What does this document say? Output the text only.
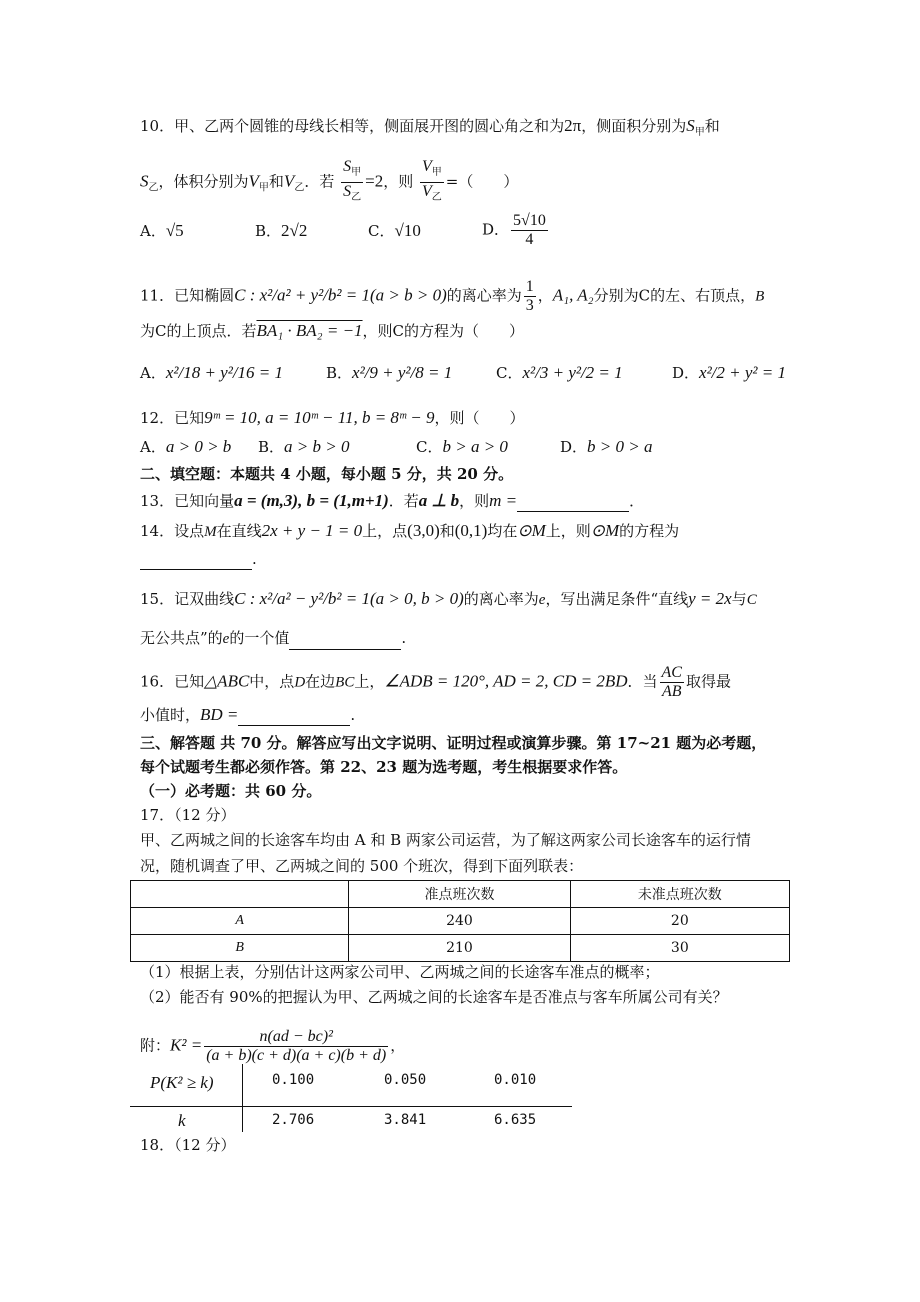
10．甲、乙两个圆锥的母线长相等，侧面展开图的圆心角之和为2π，侧面积分别为$S_甲$和
$S_乙$，体积分别为$V_甲$和$V_乙$．若 $\frac{S_甲}{S_乙} =2$，则 $\frac{V_甲}{V_乙}$ =（　　）
A．√5	B．2√2	C．√10	D． $\frac{5√10}{4}$
11．已知椭圆C : x²/a² + y²/b² = 1(a > b > 0)的离心率为 $\frac{1}{3}$ ，A₁, A₂分别为C的左、右顶点，B
为C的上顶点．若BA₁ · BA₂ = −1，则C的方程为（　　）
A．x²/18 + y²/16 = 1	B．x²/9 + y²/8 = 1	C．x²/3 + y²/2 = 1	D．x²/2 + y² = 1
12．已知9ᵐ = 10, a = 10ᵐ − 11, b = 8ᵐ − 9，则（　　）
A．a > 0 > b B．a > b > 0	C．b > a > 0	D．b > 0 > a
二、填空题：本题共 4 小题，每小题 5 分，共 20 分。
13．已知向量a = (m,3), b = (1,m+1)．若a ⊥ b，则m =	．
14．设点M在直线2x + y − 1 = 0上，点(3,0)和(0,1)均在⊙M上，则⊙M的方程为
.
15．记双曲线C : x²/a² − y²/b² = 1(a > 0, b > 0)的离心率为e，写出满足条件“直线y = 2x与C
无公共点”的e的一个值	.
16．已知△ABC中，点D在边BC上，∠ADB = 120°, AD = 2, CD = 2BD．当 $\frac{AC}{AB}$ 取得最
小值时，BD =	.
三、解答题 共 70 分。解答应写出文字说明、证明过程或演算步骤。第 17~21 题为必考题，
每个试题考生都必须作答。第 22、23 题为选考题，考生根据要求作答。
（一）必考题：共 60 分。
17．（12 分）
甲、乙两城之间的长途客车均由 A 和 B 两家公司运营，为了解这两家公司长途客车的运行情
况，随机调查了甲、乙两城之间的 500 个班次，得到下面列联表：
	准点班次数	未准点班次数
A	240	20
B	210	30
（1）根据上表，分别估计这两家公司甲、乙两城之间的长途客车准点的概率；
（2）能否有 90%的把握认为甲、乙两城之间的长途客车是否准点与客车所属公司有关？
附：$K^2 = \frac{\text{n(ad − bc)²}}{(a + b)(c + d)(a + c)(b + d)}$ ，
P(K² ≥ k)	0.100	0.050	0.010
k	2.706	3.841	6.635
18．（12 分）
